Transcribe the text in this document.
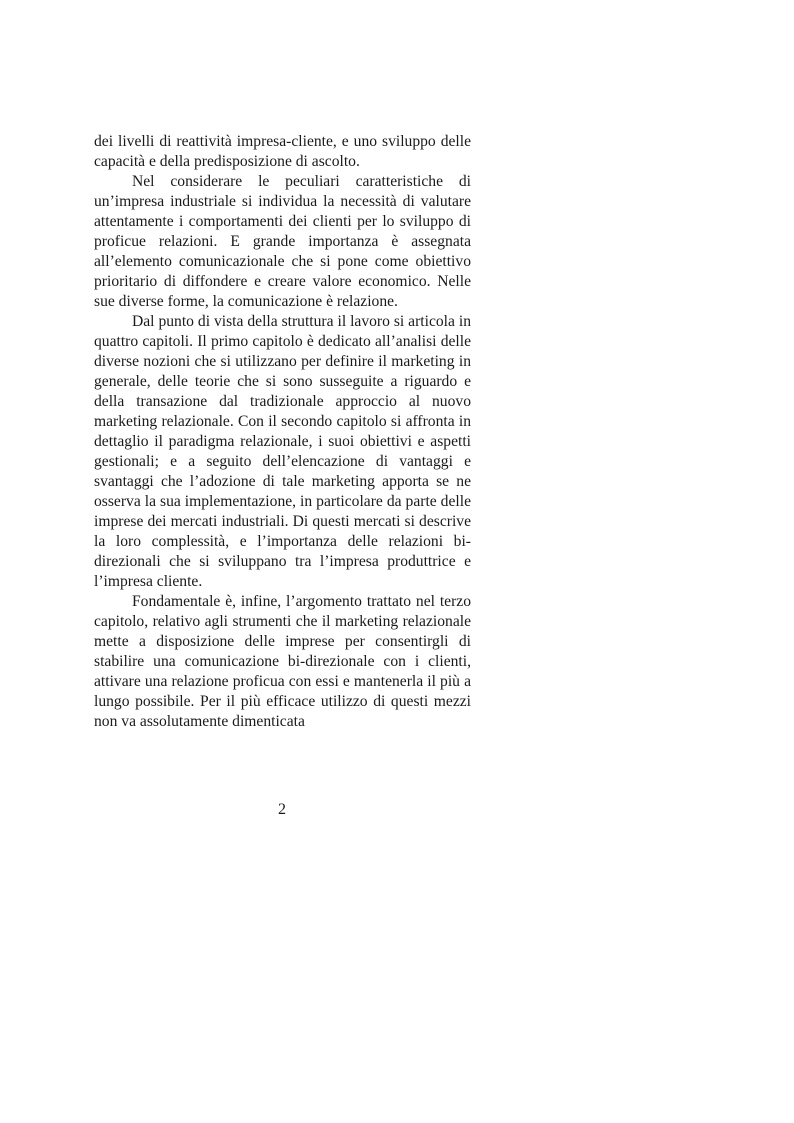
dei livelli di reattività impresa-cliente, e uno sviluppo delle capacità e della predisposizione di ascolto.

Nel considerare le peculiari caratteristiche di un’impresa industriale si individua la necessità di valutare attentamente i comportamenti dei clienti per lo sviluppo di proficue relazioni. E grande importanza è assegnata all’elemento comunicazionale che si pone come obiettivo prioritario di diffondere e creare valore economico. Nelle sue diverse forme, la comunicazione è relazione.

Dal punto di vista della struttura il lavoro si articola in quattro capitoli. Il primo capitolo è dedicato all’analisi delle diverse nozioni che si utilizzano per definire il marketing in generale, delle teorie che si sono susseguite a riguardo e della transazione dal tradizionale approccio al nuovo marketing relazionale. Con il secondo capitolo si affronta in dettaglio il paradigma relazionale, i suoi obiettivi e aspetti gestionali; e a seguito dell’elencazione di vantaggi e svantaggi che l’adozione di tale marketing apporta se ne osserva la sua implementazione, in particolare da parte delle imprese dei mercati industriali. Di questi mercati si descrive la loro complessità, e l’importanza delle relazioni bi-direzionali che si sviluppano tra l’impresa produttrice e l’impresa cliente.

Fondamentale è, infine, l’argomento trattato nel terzo capitolo, relativo agli strumenti che il marketing relazionale mette a disposizione delle imprese per consentirgli di stabilire una comunicazione bi-direzionale con i clienti, attivare una relazione proficua con essi e mantenerla il più a lungo possibile. Per il più efficace utilizzo di questi mezzi non va assolutamente dimenticata

2
